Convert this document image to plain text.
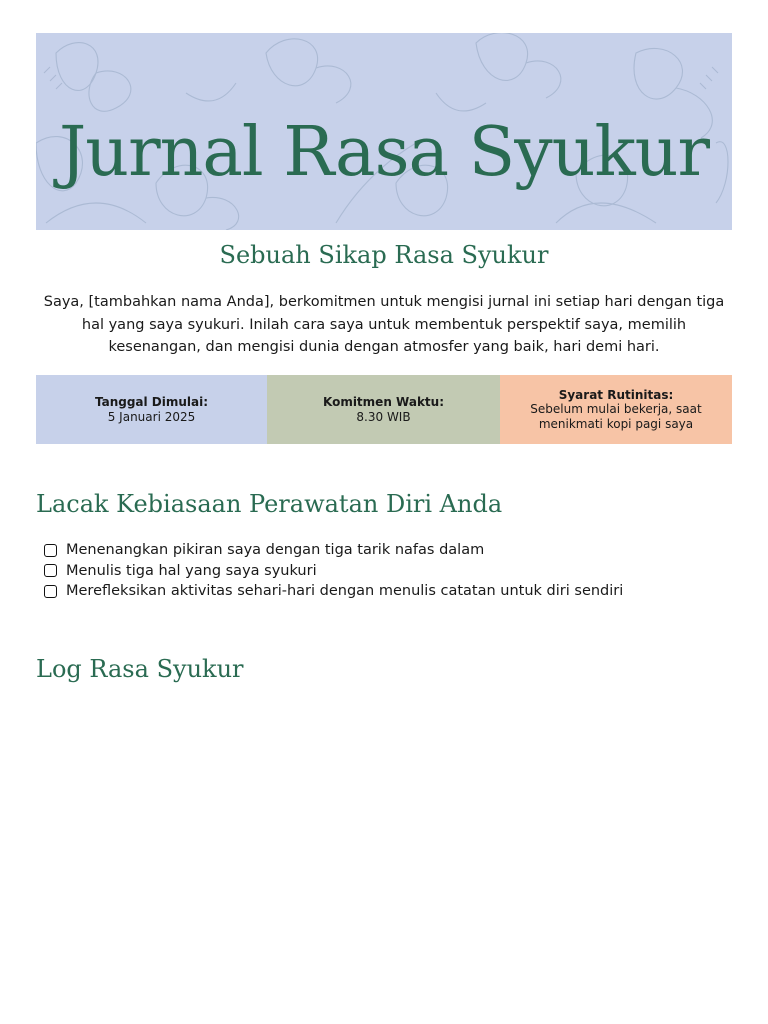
Jurnal Rasa Syukur
Sebuah Sikap Rasa Syukur
Saya, [tambahkan nama Anda], berkomitmen untuk mengisi jurnal ini setiap hari dengan tiga
hal yang saya syukuri. Inilah cara saya untuk membentuk perspektif saya, memilih
kesenangan, dan mengisi dunia dengan atmosfer yang baik, hari demi hari.
Tanggal Dimulai:
5 Januari 2025
Komitmen Waktu:
8.30 WIB
Syarat Rutinitas:
Sebelum mulai bekerja, saat menikmati kopi pagi saya
Lacak Kebiasaan Perawatan Diri Anda
Menenangkan pikiran saya dengan tiga tarik nafas dalam
Menulis tiga hal yang saya syukuri
Merefleksikan aktivitas sehari-hari dengan menulis catatan untuk diri sendiri
Log Rasa Syukur
